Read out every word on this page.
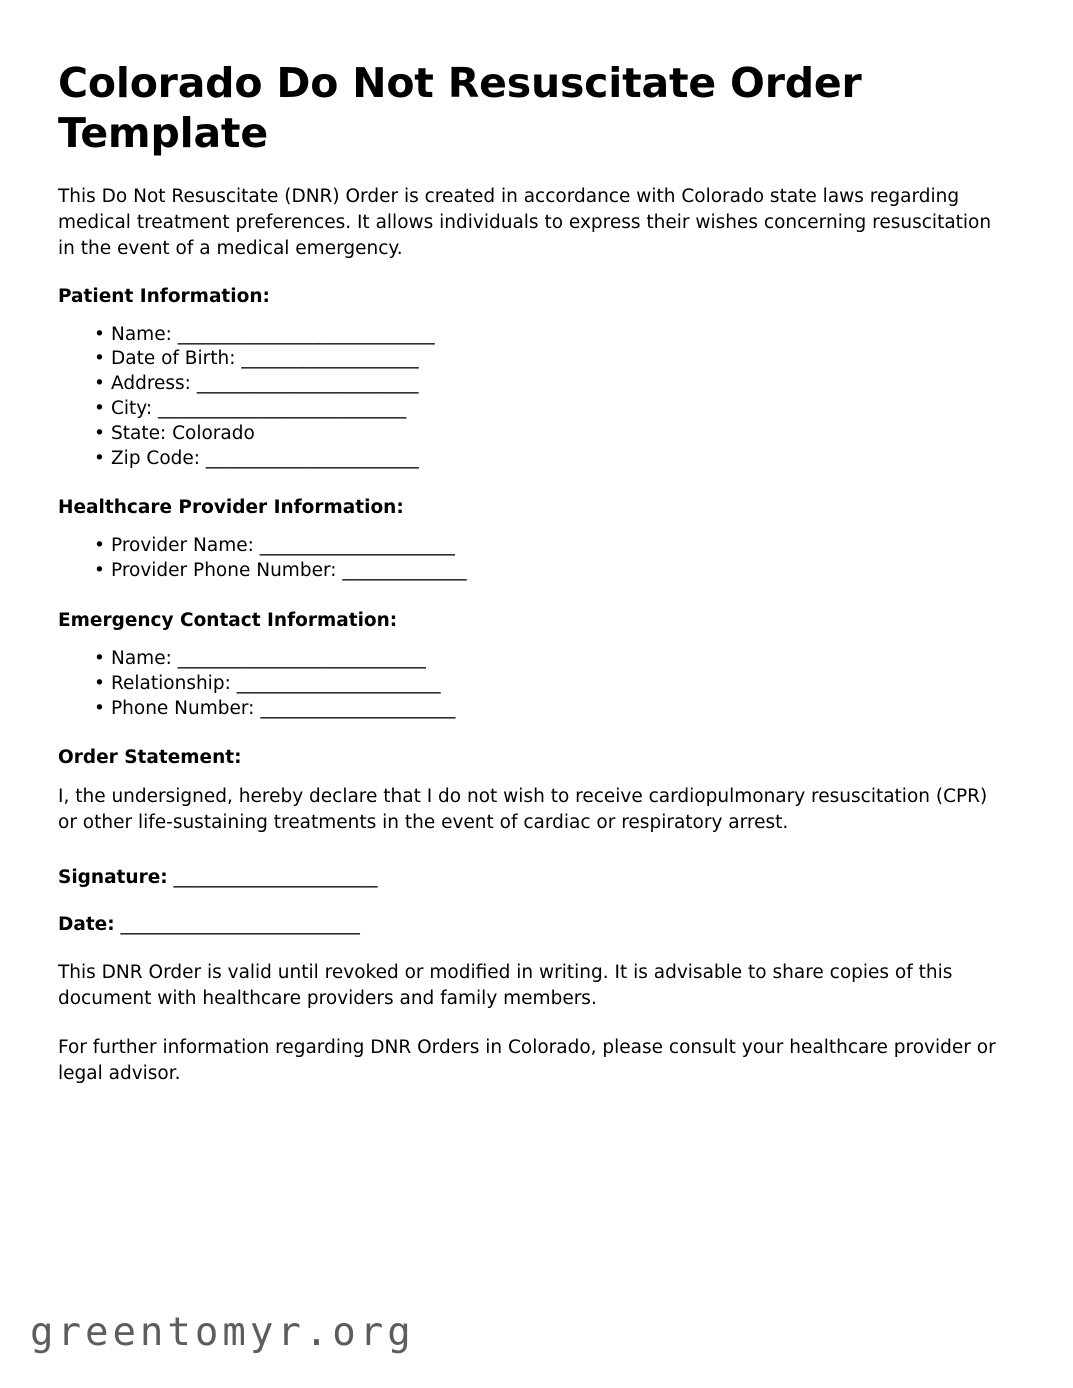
Colorado Do Not Resuscitate Order Template

This Do Not Resuscitate (DNR) Order is created in accordance with Colorado state laws regarding medical treatment preferences. It allows individuals to express their wishes concerning resuscitation in the event of a medical emergency.

Patient Information:
• Name: _____________________________
• Date of Birth: ____________________
• Address: _________________________
• City: ____________________________
• State: Colorado
• Zip Code: ________________________
Healthcare Provider Information:
• Provider Name: ______________________
• Provider Phone Number: ______________
Emergency Contact Information:
• Name: ____________________________
• Relationship: _______________________
• Phone Number: ______________________
Order Statement:

I, the undersigned, hereby declare that I do not wish to receive cardiopulmonary resuscitation (CPR) or other life-sustaining treatments in the event of cardiac or respiratory arrest.

Signature: _______________________

Date: ___________________________

This DNR Order is valid until revoked or modified in writing. It is advisable to share copies of this document with healthcare providers and family members.

For further information regarding DNR Orders in Colorado, please consult your healthcare provider or legal advisor.

greentomyr.org
